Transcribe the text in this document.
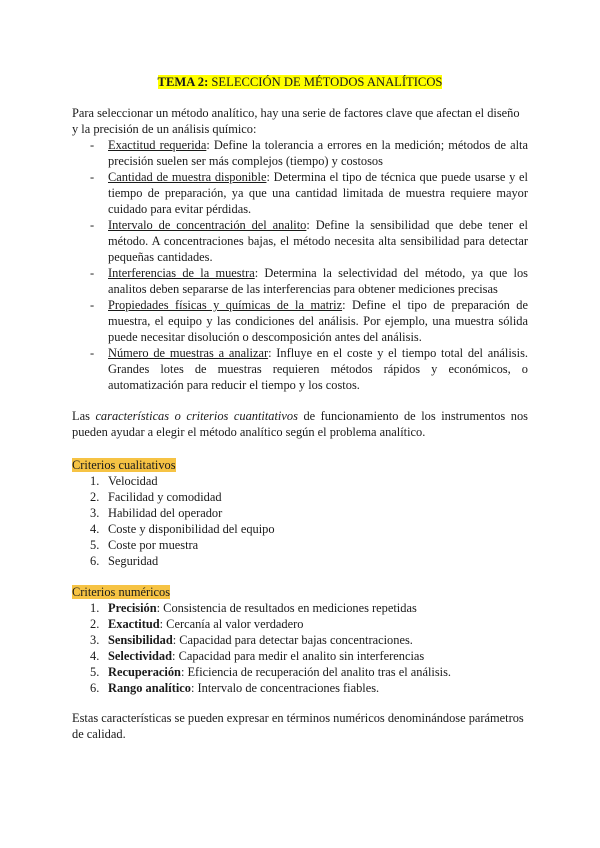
TEMA 2: SELECCIÓN DE MÉTODOS ANALÍTICOS
Para seleccionar un método analítico, hay una serie de factores clave que afectan el diseño y la precisión de un análisis químico:
- Exactitud requerida: Define la tolerancia a errores en la medición; métodos de alta precisión suelen ser más complejos (tiempo) y costosos
- Cantidad de muestra disponible: Determina el tipo de técnica que puede usarse y el tiempo de preparación, ya que una cantidad limitada de muestra requiere mayor cuidado para evitar pérdidas.
- Intervalo de concentración del analito: Define la sensibilidad que debe tener el método. A concentraciones bajas, el método necesita alta sensibilidad para detectar pequeñas cantidades.
- Interferencias de la muestra: Determina la selectividad del método, ya que los analitos deben separarse de las interferencias para obtener mediciones precisas
- Propiedades físicas y químicas de la matriz: Define el tipo de preparación de muestra, el equipo y las condiciones del análisis. Por ejemplo, una muestra sólida puede necesitar disolución o descomposición antes del análisis.
- Número de muestras a analizar: Influye en el coste y el tiempo total del análisis. Grandes lotes de muestras requieren métodos rápidos y económicos, o automatización para reducir el tiempo y los costos.
Las características o criterios cuantitativos de funcionamiento de los instrumentos nos pueden ayudar a elegir el método analítico según el problema analítico.
Criterios cualitativos
1. Velocidad
2. Facilidad y comodidad
3. Habilidad del operador
4. Coste y disponibilidad del equipo
5. Coste por muestra
6. Seguridad
Criterios numéricos
1. Precisión: Consistencia de resultados en mediciones repetidas
2. Exactitud: Cercanía al valor verdadero
3. Sensibilidad: Capacidad para detectar bajas concentraciones.
4. Selectividad: Capacidad para medir el analito sin interferencias
5. Recuperación: Eficiencia de recuperación del analito tras el análisis.
6. Rango analítico: Intervalo de concentraciones fiables.
Estas características se pueden expresar en términos numéricos denominándose parámetros de calidad.
